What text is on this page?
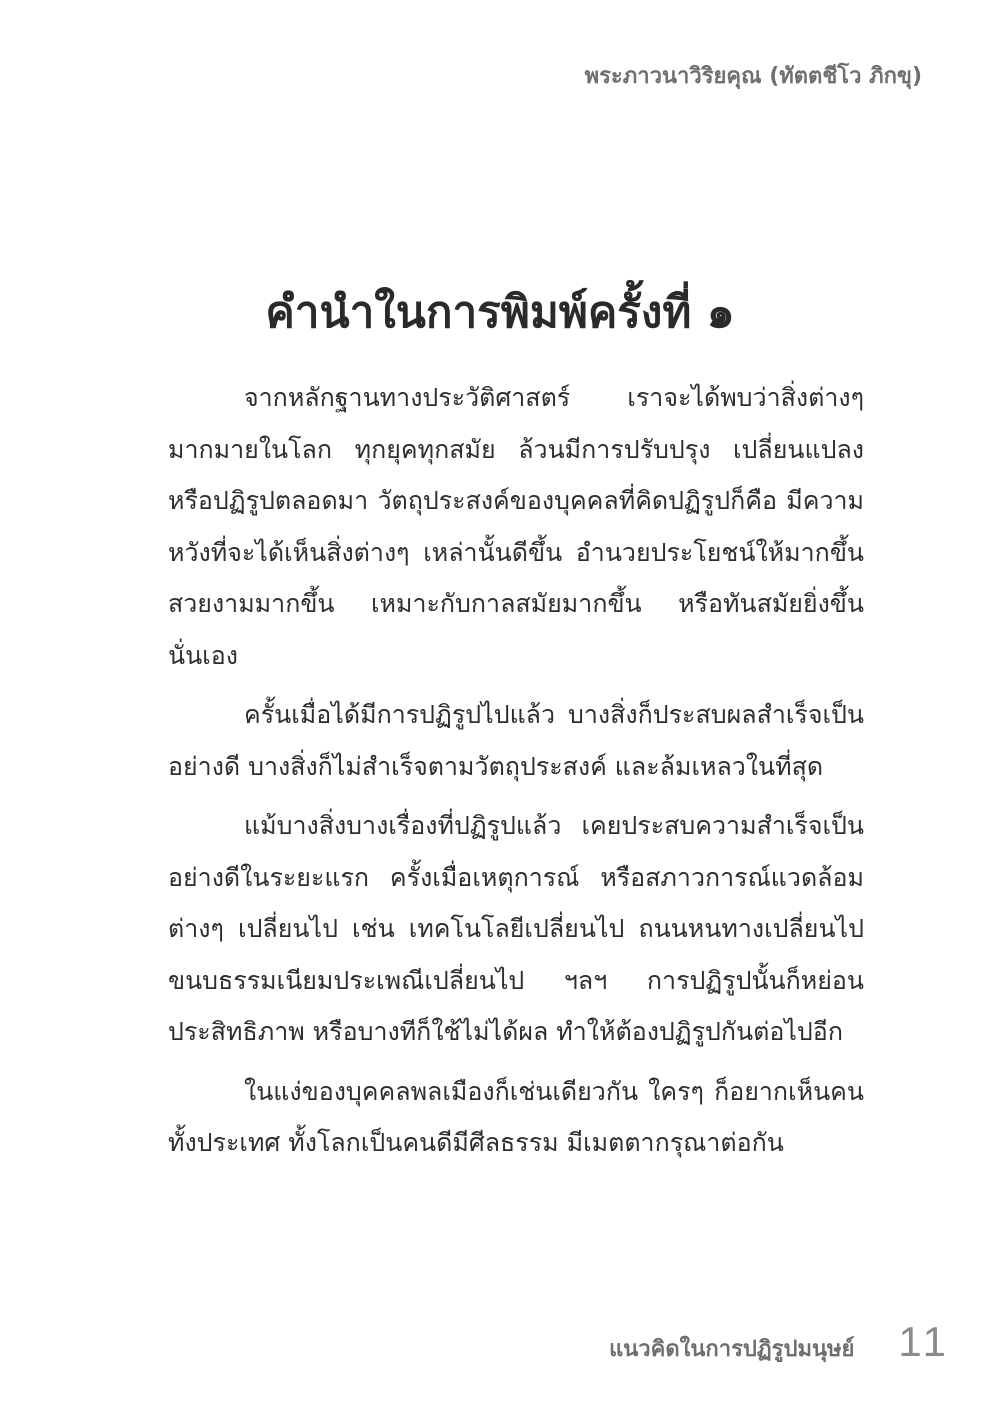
พระภาวนาวิริยคุณ (ทัตตชีโว ภิกขุ)
คำนำในการพิมพ์ครั้งที่ ๑

จากหลักฐานทางประวัติศาสตร์ เราจะได้พบว่าสิ่งต่างๆ มากมายในโลก ทุกยุคทุกสมัย ล้วนมีการปรับปรุง เปลี่ยนแปลง หรือปฏิรูปตลอดมา วัตถุประสงค์ของบุคคลที่คิดปฏิรูปก็คือ มีความหวังที่จะได้เห็นสิ่งต่างๆ เหล่านั้นดีขึ้น อำนวยประโยชน์ให้มากขึ้น สวยงามมากขึ้น เหมาะกับกาลสมัยมากขึ้น หรือทันสมัยยิ่งขึ้นนั่นเอง

ครั้นเมื่อได้มีการปฏิรูปไปแล้ว บางสิ่งก็ประสบผลสำเร็จเป็นอย่างดี บางสิ่งก็ไม่สำเร็จตามวัตถุประสงค์ และล้มเหลวในที่สุด

แม้บางสิ่งบางเรื่องที่ปฏิรูปแล้ว เคยประสบความสำเร็จเป็นอย่างดีในระยะแรก ครั้งเมื่อเหตุการณ์ หรือสภาวการณ์แวดล้อมต่างๆ เปลี่ยนไป เช่น เทคโนโลยีเปลี่ยนไป ถนนหนทางเปลี่ยนไป ขนบธรรมเนียมประเพณีเปลี่ยนไป ฯลฯ การปฏิรูปนั้นก็หย่อนประสิทธิภาพ หรือบางทีก็ใช้ไม่ได้ผล ทำให้ต้องปฏิรูปกันต่อไปอีก

ในแง่ของบุคคลพลเมืองก็เช่นเดียวกัน ใครๆ ก็อยากเห็นคนทั้งประเทศ ทั้งโลกเป็นคนดีมีศีลธรรม มีเมตตากรุณาต่อกัน

แนวคิดในการปฏิรูปมนุษย์ 11
